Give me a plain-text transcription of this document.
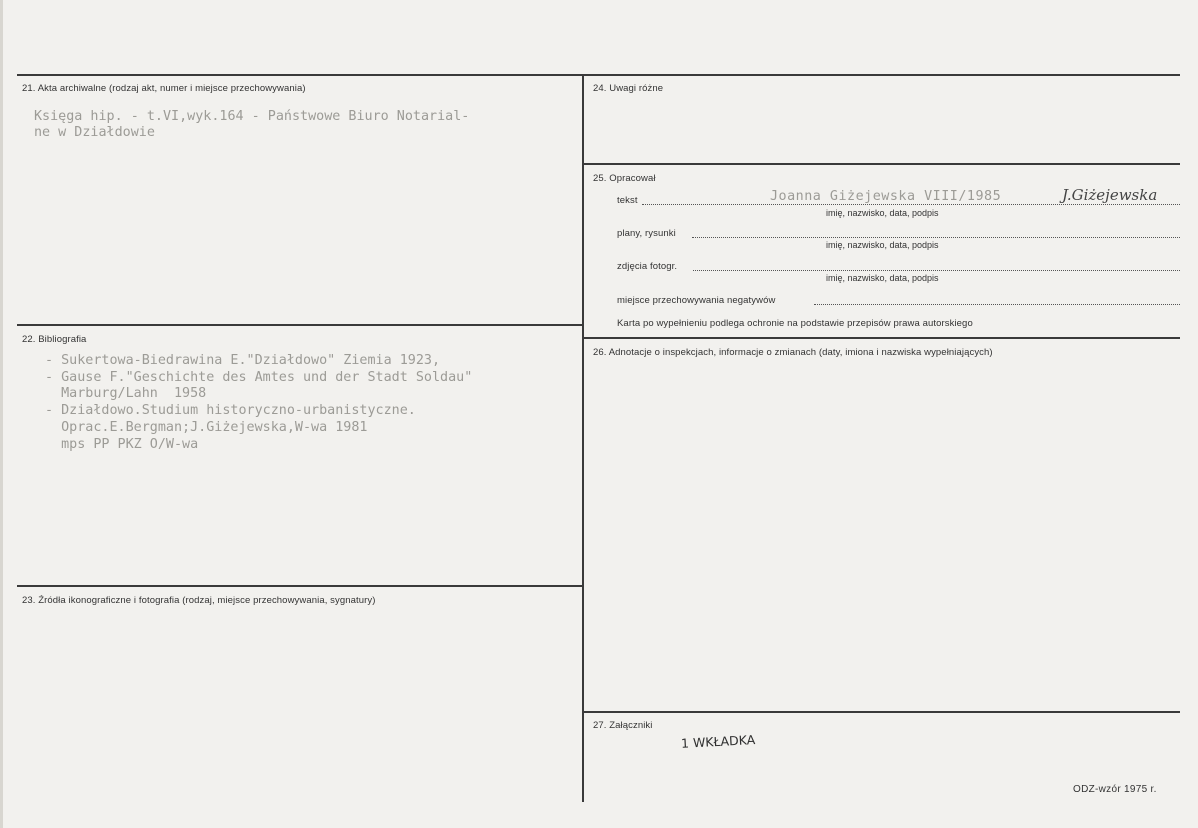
21. Akta archiwalne (rodzaj akt, numer i miejsce przechowywania)
Księga hip. - t.VI,wyk.164 - Państwowe Biuro Notarial-
ne w Działdowie
22. Bibliografia
- Sukertowa-Biedrawina E."Działdowo" Ziemia 1923,
- Gause F."Geschichte des Amtes und der Stadt Soldau"
Marburg/Lahn  1958
- Działdowo.Studium historyczno-urbanistyczne.
Oprac.E.Bergman;J.Giżejewska,W-wa 1981
mps PP PKZ O/W-wa
23. Źródła ikonograficzne i fotografia (rodzaj, miejsce przechowywania, sygnatury)
24. Uwagi różne
25. Opracował
tekst	Joanna Giżejewska VIII/1985	J.Giżejewska
imię, nazwisko, data, podpis
plany, rysunki
imię, nazwisko, data, podpis
zdjęcia fotogr.
imię, nazwisko, data, podpis
miejsce przechowywania negatywów
Karta po wypełnieniu podlega ochronie na podstawie przepisów prawa autorskiego
26. Adnotacje o inspekcjach, informacje o zmianach (daty, imiona i nazwiska wypełniających)
27. Załączniki
1 WKŁADKA
ODZ-wzór 1975 r.
